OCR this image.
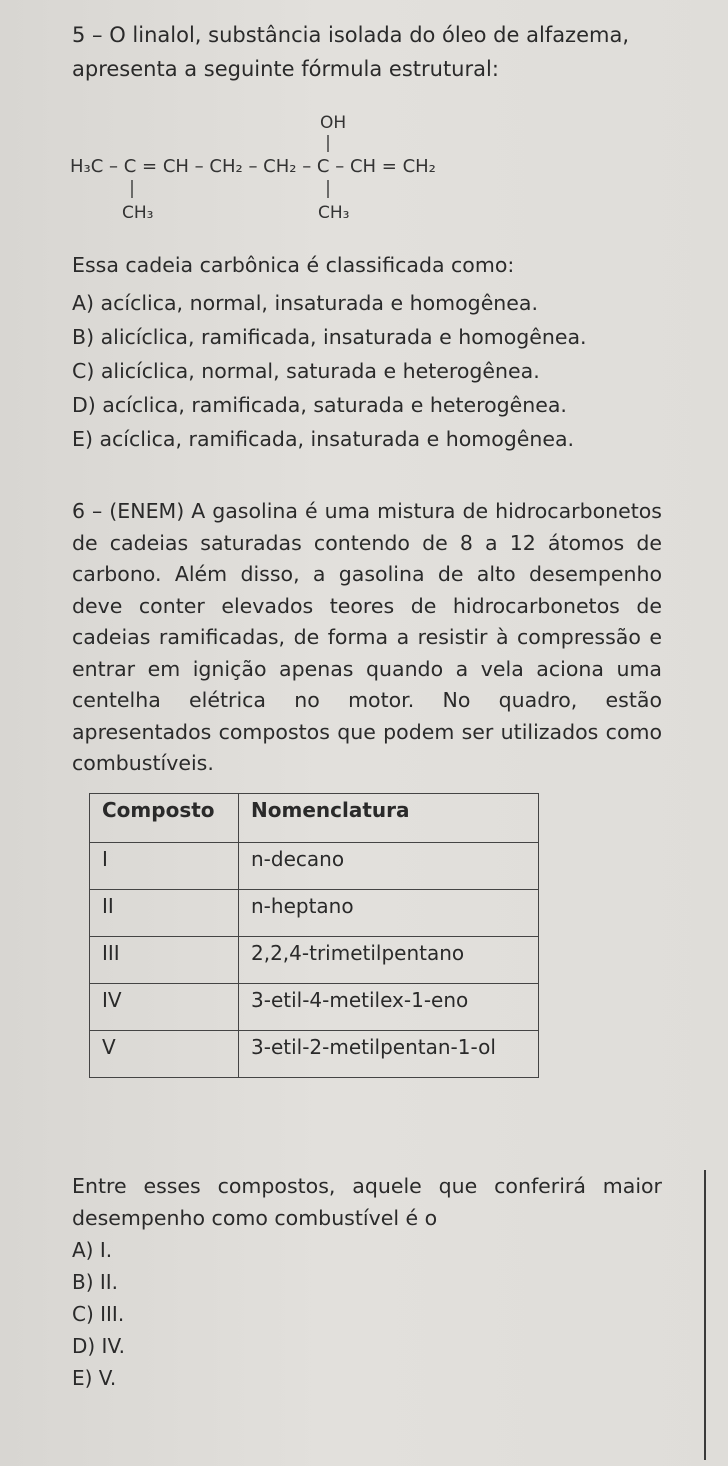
5 – O linalol, substância isolada do óleo de alfazema,
apresenta a seguinte fórmula estrutural:
OH
H₃C – C = CH – CH₂ – CH₂ – C – CH = CH₂
CH₃	CH₃
Essa cadeia carbônica é classificada como:
A) acíclica, normal, insaturada e homogênea.
B) alicíclica, ramificada, insaturada e homogênea.
C) alicíclica, normal, saturada e heterogênea.
D) acíclica, ramificada, saturada e heterogênea.
E) acíclica, ramificada, insaturada e homogênea.
6 – (ENEM) A gasolina é uma mistura de hidrocarbonetos de cadeias saturadas contendo de 8 a 12 átomos de carbono. Além disso, a gasolina de alto desempenho deve conter elevados teores de hidrocarbonetos de cadeias ramificadas, de forma a resistir à compressão e entrar em ignição apenas quando a vela aciona uma centelha elétrica no motor. No quadro, estão apresentados compostos que podem ser utilizados como combustíveis.
Composto	Nomenclatura
I	n-decano
II	n-heptano
III	2,2,4-trimetilpentano
IV	3-etil-4-metilex-1-eno
V	3-etil-2-metilpentan-1-ol
Entre esses compostos, aquele que conferirá maior desempenho como combustível é o
A) I.
B) II.
C) III.
D) IV.
E) V.
